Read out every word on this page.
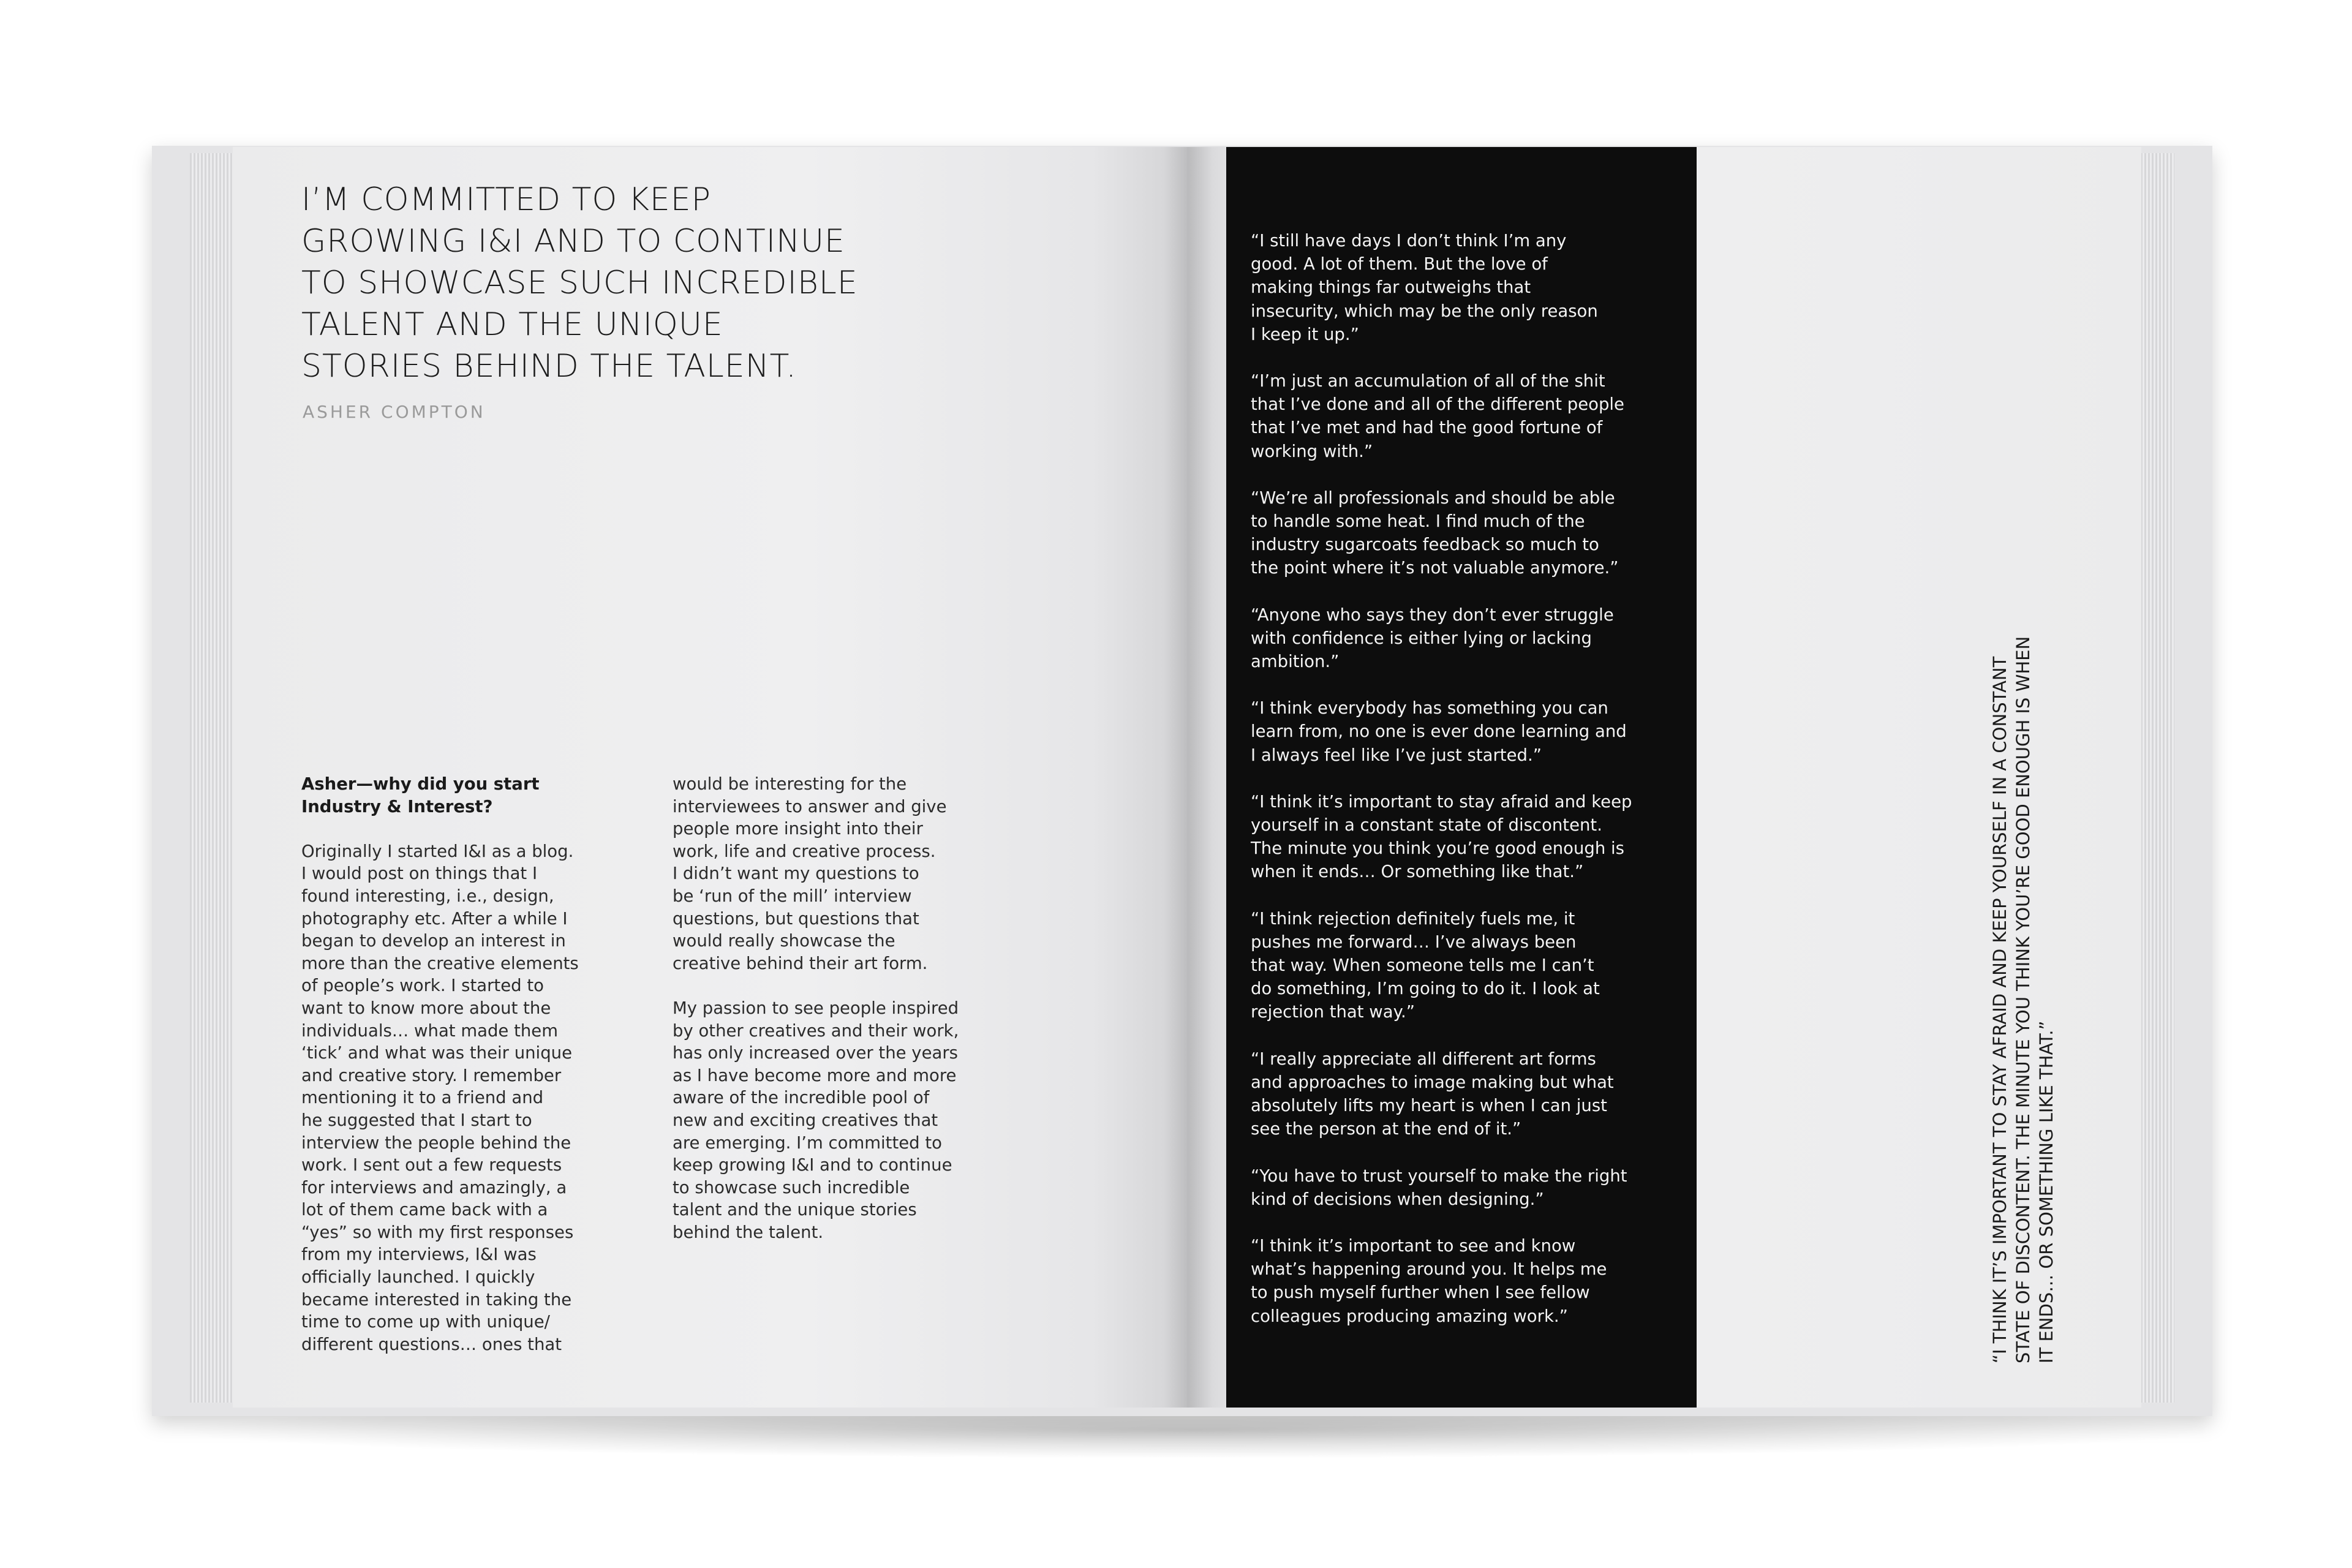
I’M COMMITTED TO KEEP
GROWING I&I AND TO CONTINUE
TO SHOWCASE SUCH INCREDIBLE
TALENT AND THE UNIQUE
STORIES BEHIND THE TALENT.
ASHER COMPTON
Asher—why did you start
Industry & Interest?
Originally I started I&I as a blog.
I would post on things that I
found interesting, i.e., design,
photography etc. After a while I
began to develop an interest in
more than the creative elements
of people’s work. I started to
want to know more about the
individuals… what made them
‘tick’ and what was their unique
and creative story. I remember
mentioning it to a friend and
he suggested that I start to
interview the people behind the
work. I sent out a few requests
for interviews and amazingly, a
lot of them came back with a
“yes” so with my first responses
from my interviews, I&I was
officially launched. I quickly
became interested in taking the
time to come up with unique/
different questions… ones that
would be interesting for the
interviewees to answer and give
people more insight into their
work, life and creative process.
I didn’t want my questions to
be ‘run of the mill’ interview
questions, but questions that
would really showcase the
creative behind their art form.
My passion to see people inspired
by other creatives and their work,
has only increased over the years
as I have become more and more
aware of the incredible pool of
new and exciting creatives that
are emerging. I’m committed to
keep growing I&I and to continue
to showcase such incredible
talent and the unique stories
behind the talent.
“I still have days I don’t think I’m any
good. A lot of them. But the love of
making things far outweighs that
insecurity, which may be the only reason
I keep it up.”
“I’m just an accumulation of all of the shit
that I’ve done and all of the different people
that I’ve met and had the good fortune of
working with.”
“We’re all professionals and should be able
to handle some heat. I find much of the
industry sugarcoats feedback so much to
the point where it’s not valuable anymore.”
“Anyone who says they don’t ever struggle
with confidence is either lying or lacking
ambition.”
“I think everybody has something you can
learn from, no one is ever done learning and
I always feel like I’ve just started.”
“I think it’s important to stay afraid and keep
yourself in a constant state of discontent.
The minute you think you’re good enough is
when it ends… Or something like that.”
“I think rejection definitely fuels me, it
pushes me forward… I’ve always been
that way. When someone tells me I can’t
do something, I’m going to do it. I look at
rejection that way.”
“I really appreciate all different art forms
and approaches to image making but what
absolutely lifts my heart is when I can just
see the person at the end of it.”
“You have to trust yourself to make the right
kind of decisions when designing.”
“I think it’s important to see and know
what’s happening around you. It helps me
to push myself further when I see fellow
colleagues producing amazing work.”	“I THINK IT’S IMPORTANT TO STAY AFRAID AND KEEP YOURSELF IN A CONSTANT STATE OF DISCONTENT. THE MINUTE YOU THINK YOU’RE GOOD ENOUGH IS WHEN IT ENDS… OR SOMETHING LIKE THAT.”
